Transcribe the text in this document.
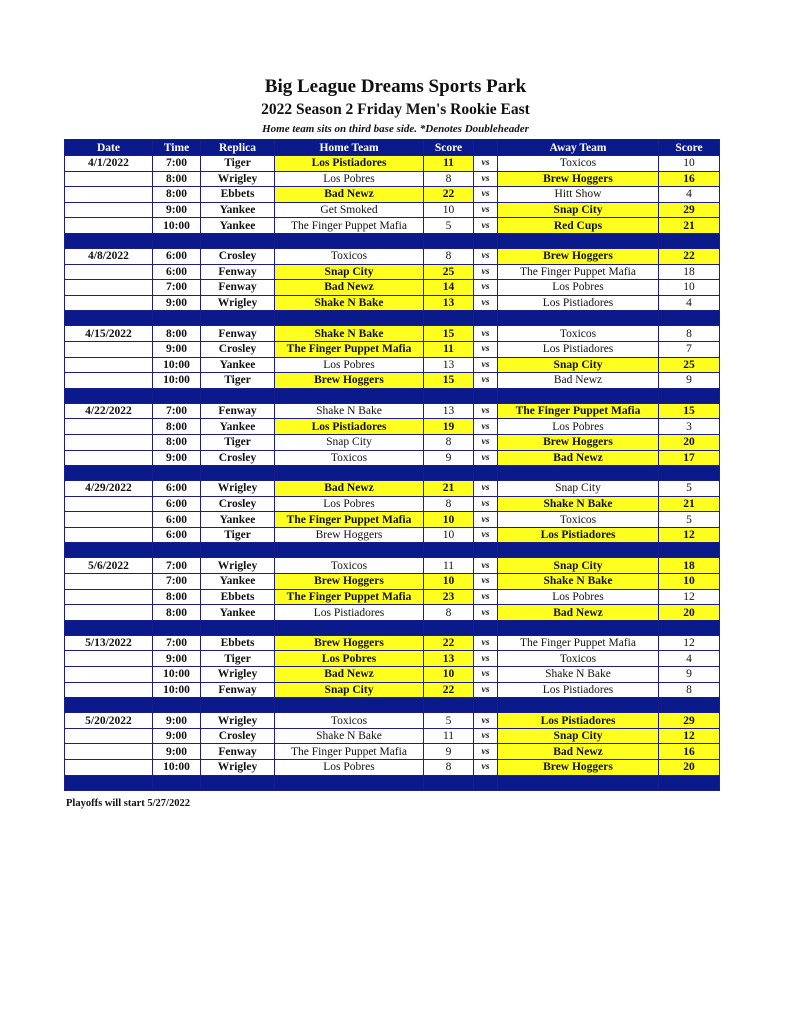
Big League Dreams Sports Park
2022 Season 2 Friday Men's Rookie East
Home team sits on third base side. *Denotes Doubleheader
Date	Time	Replica	Home Team	Score		Away Team	Score
4/1/2022	7:00	Tiger	Los Pistiadores	11	vs	Toxicos	10
	8:00	Wrigley	Los Pobres	8	vs	Brew Hoggers	16
	8:00	Ebbets	Bad Newz	22	vs	Hitt Show	4
	9:00	Yankee	Get Smoked	10	vs	Snap City	29
	10:00	Yankee	The Finger Puppet Mafia	5	vs	Red Cups	21

4/8/2022	6:00	Crosley	Toxicos	8	vs	Brew Hoggers	22
	6:00	Fenway	Snap City	25	vs	The Finger Puppet Mafia	18
	7:00	Fenway	Bad Newz	14	vs	Los Pobres	10
	9:00	Wrigley	Shake N Bake	13	vs	Los Pistiadores	4

4/15/2022	8:00	Fenway	Shake N Bake	15	vs	Toxicos	8
	9:00	Crosley	The Finger Puppet Mafia	11	vs	Los Pistiadores	7
	10:00	Yankee	Los Pobres	13	vs	Snap City	25
	10:00	Tiger	Brew Hoggers	15	vs	Bad Newz	9

4/22/2022	7:00	Fenway	Shake N Bake	13	vs	The Finger Puppet Mafia	15
	8:00	Yankee	Los Pistiadores	19	vs	Los Pobres	3
	8:00	Tiger	Snap City	8	vs	Brew Hoggers	20
	9:00	Crosley	Toxicos	9	vs	Bad Newz	17

4/29/2022	6:00	Wrigley	Bad Newz	21	vs	Snap City	5
	6:00	Crosley	Los Pobres	8	vs	Shake N Bake	21
	6:00	Yankee	The Finger Puppet Mafia	10	vs	Toxicos	5
	6:00	Tiger	Brew Hoggers	10	vs	Los Pistiadores	12

5/6/2022	7:00	Wrigley	Toxicos	11	vs	Snap City	18
	7:00	Yankee	Brew Hoggers	10	vs	Shake N Bake	10
	8:00	Ebbets	The Finger Puppet Mafia	23	vs	Los Pobres	12
	8:00	Yankee	Los Pistiadores	8	vs	Bad Newz	20

5/13/2022	7:00	Ebbets	Brew Hoggers	22	vs	The Finger Puppet Mafia	12
	9:00	Tiger	Los Pobres	13	vs	Toxicos	4
	10:00	Wrigley	Bad Newz	10	vs	Shake N Bake	9
	10:00	Fenway	Snap City	22	vs	Los Pistiadores	8

5/20/2022	9:00	Wrigley	Toxicos	5	vs	Los Pistiadores	29
	9:00	Crosley	Shake N Bake	11	vs	Snap City	12
	9:00	Fenway	The Finger Puppet Mafia	9	vs	Bad Newz	16
	10:00	Wrigley	Los Pobres	8	vs	Brew Hoggers	20

Playoffs will start 5/27/2022
